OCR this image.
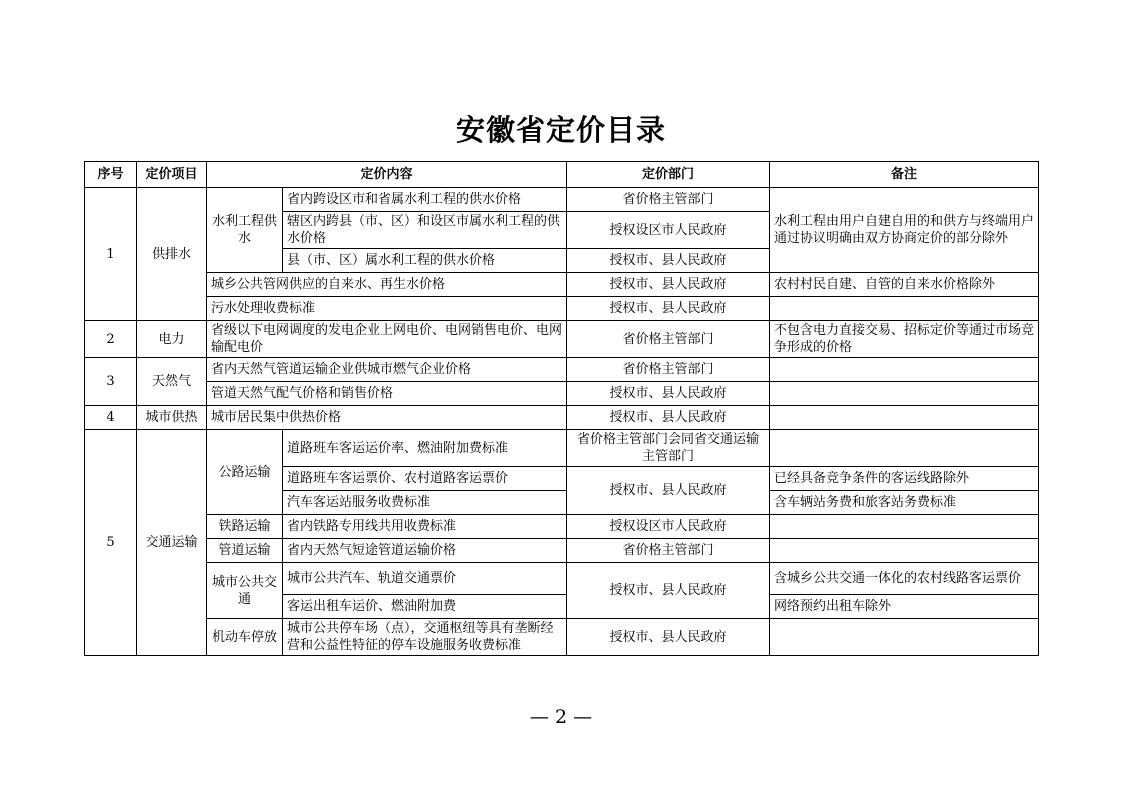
安徽省定价目录
序号	定价项目	定价内容		定价部门	备注
1	供排水	水利工程供水	省内跨设区市和省属水利工程的供水价格	省价格主管部门	水利工程由用户自建自用的和供方与终端用户通过协议明确由双方协商定价的部分除外
			辖区内跨县（市、区）和设区市属水利工程的供水价格	授权设区市人民政府	
			县（市、区）属水利工程的供水价格	授权市、县人民政府	
		城乡公共管网供应的自来水、再生水价格		授权市、县人民政府	农村村民自建、自管的自来水价格除外
		污水处理收费标准		授权市、县人民政府	
2	电力	省级以下电网调度的发电企业上网电价、电网销售电价、电网输配电价		省价格主管部门	不包含电力直接交易、招标定价等通过市场竞争形成的价格
3	天然气	省内天然气管道运输企业供城市燃气企业价格		省价格主管部门	
		管道天然气配气价格和销售价格		授权市、县人民政府	
4	城市供热	城市居民集中供热价格		授权市、县人民政府	
5	交通运输	公路运输	道路班车客运运价率、燃油附加费标准	省价格主管部门会同省交通运输主管部门	
			道路班车客运票价、农村道路客运票价	授权市、县人民政府	已经具备竞争条件的客运线路除外
			汽车客运站服务收费标准		含车辆站务费和旅客站务费标准
		铁路运输	省内铁路专用线共用收费标准	授权设区市人民政府	
		管道运输	省内天然气短途管道运输价格	省价格主管部门	
		城市公共交通	城市公共汽车、轨道交通票价	授权市、县人民政府	含城乡公共交通一体化的农村线路客运票价
			客运出租车运价、燃油附加费		网络预约出租车除外
		机动车停放	城市公共停车场（点），交通枢纽等具有垄断经营和公益性特征的停车设施服务收费标准	授权市、县人民政府	
— 2 —
